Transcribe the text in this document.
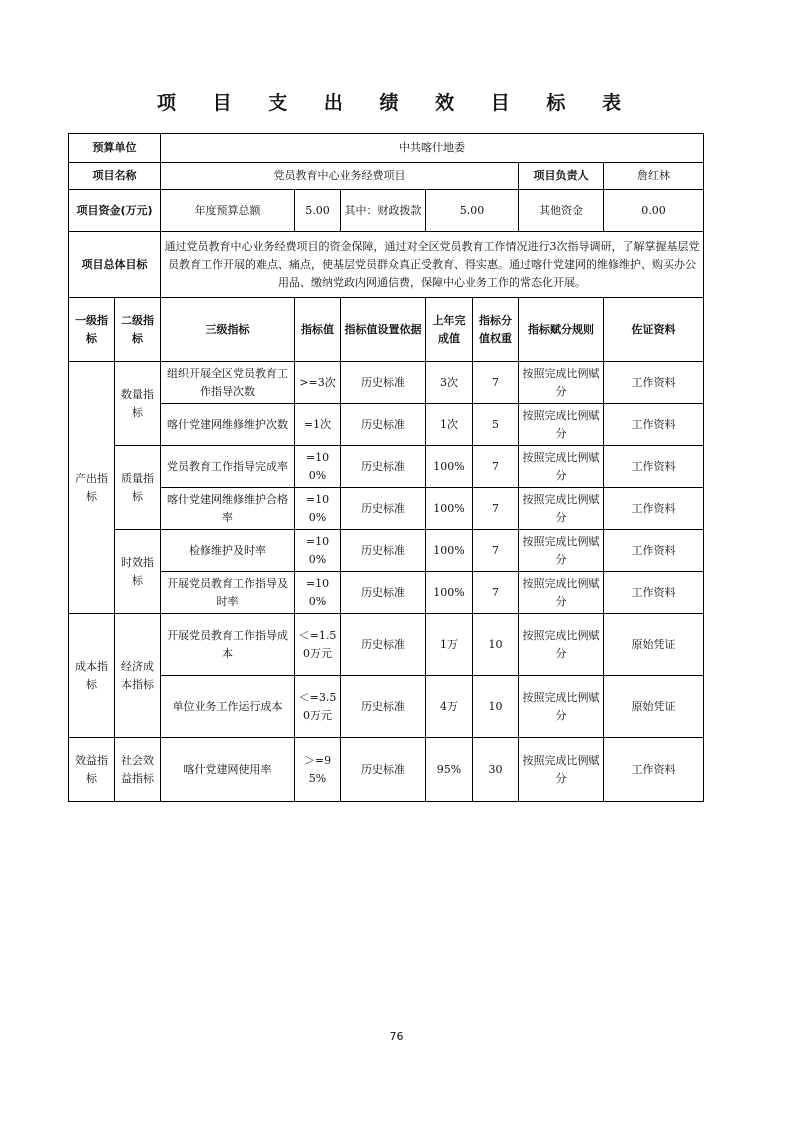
项 目 支 出 绩 效 目 标 表
预算单位		中共喀什地委						
项目名称		党员教育中心业务经费项目					项目负责人	詹红林
项目资金(万元)		年度预算总额	5.00	其中：财政拨款	5.00		其他资金	0.00
项目总体目标		通过党员教育中心业务经费项目的资金保障，通过对全区党员教育工作情况进行3次指导调研，了解掌握基层党员教育工作开展的难点、痛点，使基层党员群众真正受教育、得实惠。通过喀什党建网的维修维护、购买办公用品、缴纳党政内网通信费，保障中心业务工作的常态化开展。						
一级指标	二级指标	三级指标	指标值	指标值设置依据	上年完成值	指标分值权重	指标赋分规则	佐证资料
产出指标	数量指标	组织开展全区党员教育工作指导次数	>=3次	历史标准	3次	7	按照完成比例赋分	工作资料
		喀什党建网维修维护次数	=1次	历史标准	1次	5	按照完成比例赋分	工作资料
	质量指标	党员教育工作指导完成率	=100%	历史标准	100%	7	按照完成比例赋分	工作资料
		喀什党建网维修维护合格率	=100%	历史标准	100%	7	按照完成比例赋分	工作资料
	时效指标	检修维护及时率	=100%	历史标准	100%	7	按照完成比例赋分	工作资料
		开展党员教育工作指导及时率	=100%	历史标准	100%	7	按照完成比例赋分	工作资料
成本指标	经济成本指标	开展党员教育工作指导成本	＜=1.50万元	历史标准	1万	10	按照完成比例赋分	原始凭证
		单位业务工作运行成本	＜=3.50万元	历史标准	4万	10	按照完成比例赋分	原始凭证
效益指标	社会效益指标	喀什党建网使用率	＞=95%	历史标准	95%	30	按照完成比例赋分	工作资料
76
